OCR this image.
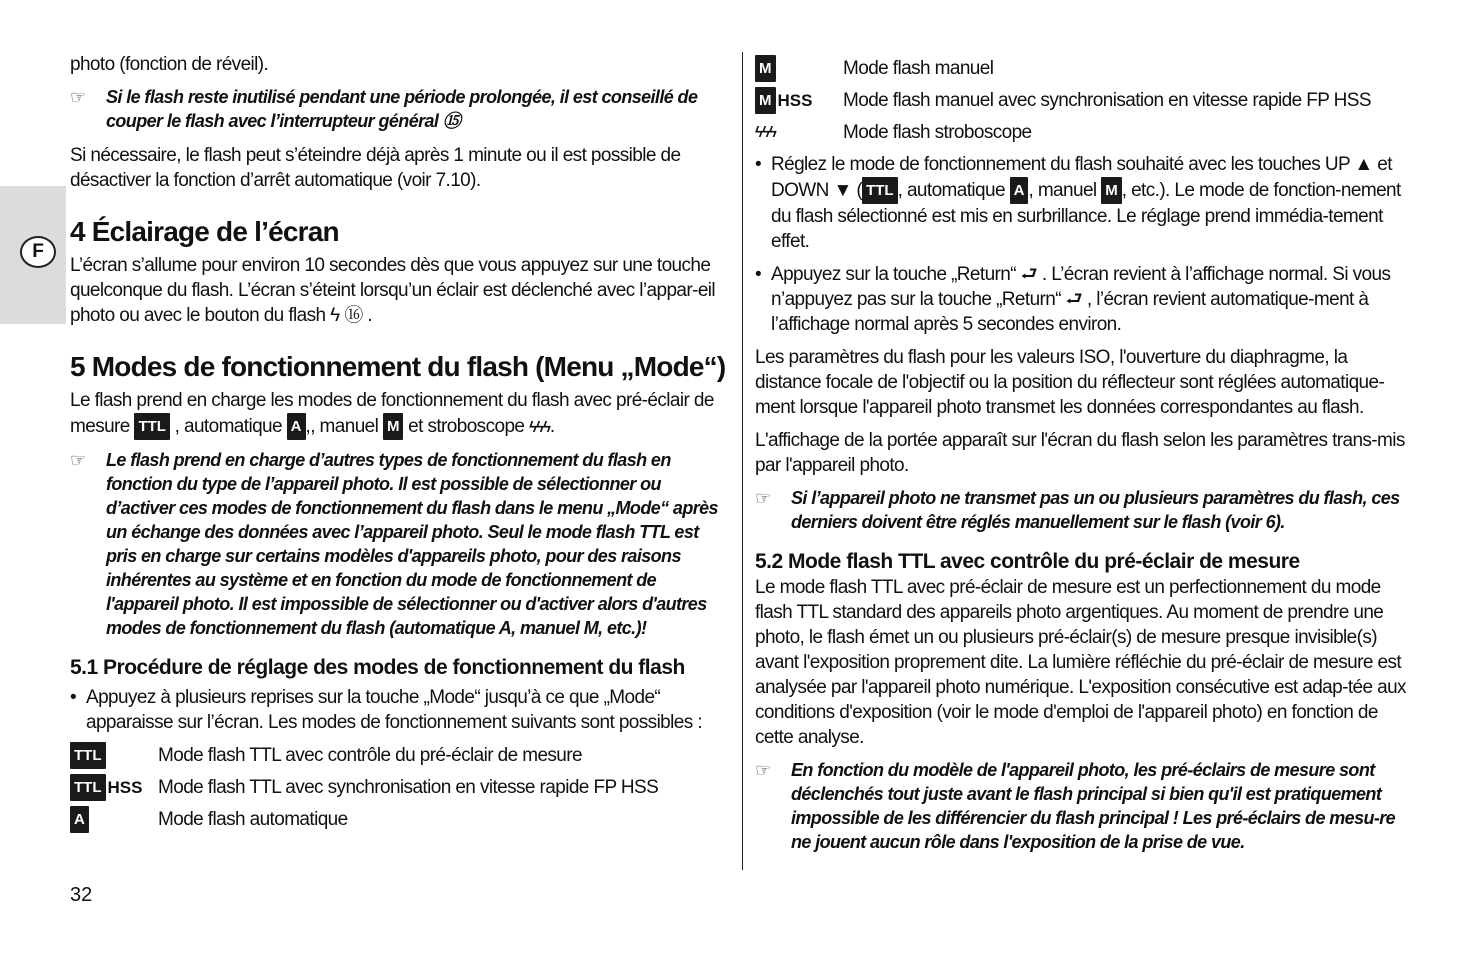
F

photo (fonction de réveil).

☞	Si le flash reste inutilisé pendant une période prolongée, il est conseillé de couper le flash avec l’interrupteur général ⑮

Si nécessaire, le flash peut s’éteindre déjà après 1 minute ou il est possible de désactiver la fonction d’arrêt automatique (voir 7.10).

4 Éclairage de l’écran

L’écran s’allume pour environ 10 secondes dès que vous appuyez sur une touche quelconque du flash. L’écran s’éteint lorsqu’un éclair est déclenché avec l’appar-eil photo ou avec le bouton du flash ϟ ⑯ .

5 Modes de fonctionnement du flash (Menu „Mode“)

Le flash prend en charge les modes de fonctionnement du flash avec pré-éclair de mesure TTL , automatique A ,, manuel M et stroboscope ϟϟϟ.

☞	Le flash prend en charge d’autres types de fonctionnement du flash en fonction du type de l’appareil photo. Il est possible de sélectionner ou d’activer ces modes de fonctionnement du flash dans le menu „Mode“ après un échange des données avec l’appareil photo. Seul le mode flash TTL est pris en charge sur certains modèles d'appareils photo, pour des raisons inhérentes au système et en fonction du mode de fonctionnement de l'appareil photo. Il est impossible de sélectionner ou d'activer alors d'autres modes de fonctionnement du flash (automatique A, manuel M, etc.)!
5.1 Procédure de réglage des modes de fonctionnement du flash
• Appuyez à plusieurs reprises sur la touche „Mode“ jusqu’à ce que „Mode“ apparaisse sur l’écran. Les modes de fonctionnement suivants sont possibles :
TTL	Mode flash TTL avec contrôle du pré-éclair de mesure
TTL HSS Mode flash TTL avec synchronisation en vitesse rapide FP HSS
A	Mode flash automatique
M	Mode flash manuel
M HSS Mode flash manuel avec synchronisation en vitesse rapide FP HSS
ϟϟϟ	Mode flash stroboscope
• Réglez le mode de fonctionnement du flash souhaité avec les touches UP ▲ et DOWN ▼ ( TTL , automatique A , manuel M , etc.). Le mode de fonction-nement du flash sélectionné est mis en surbrillance. Le réglage prend immédia-tement effet.
• Appuyez sur la touche „Return“ ⮐ . L’écran revient à l’affichage normal. Si vous n’appuyez pas sur la touche „Return“ ⮐ , l’écran revient automatique-ment à l’affichage normal après 5 secondes environ.

Les paramètres du flash pour les valeurs ISO, l'ouverture du diaphragme, la distance focale de l'objectif ou la position du réflecteur sont réglées automatique-ment lorsque l'appareil photo transmet les données correspondantes au flash.

L'affichage de la portée apparaît sur l'écran du flash selon les paramètres trans-mis par l'appareil photo.

☞	Si l’appareil photo ne transmet pas un ou plusieurs paramètres du flash, ces derniers doivent être réglés manuellement sur le flash (voir 6).
5.2 Mode flash TTL avec contrôle du pré-éclair de mesure

Le mode flash TTL avec pré-éclair de mesure est un perfectionnement du mode flash TTL standard des appareils photo argentiques. Au moment de prendre une photo, le flash émet un ou plusieurs pré-éclair(s) de mesure presque invisible(s) avant l'exposition proprement dite. La lumière réfléchie du pré-éclair de mesure est analysée par l'appareil photo numérique. L'exposition consécutive est adap-tée aux conditions d'exposition (voir le mode d'emploi de l'appareil photo) en fonction de cette analyse.

☞	En fonction du modèle de l'appareil photo, les pré-éclairs de mesure sont déclenchés tout juste avant le flash principal si bien qu'il est pratiquement impossible de les différencier du flash principal ! Les pré-éclairs de mesu-re ne jouent aucun rôle dans l'exposition de la prise de vue.
32
